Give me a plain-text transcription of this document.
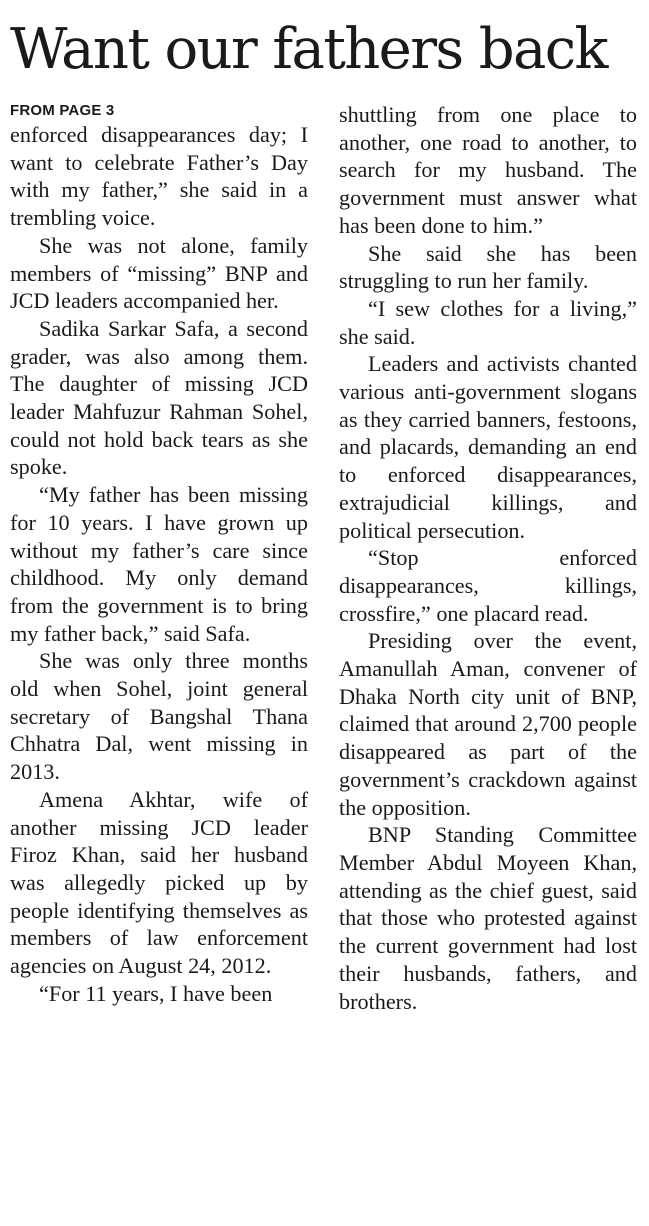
Want our fathers back
FROM PAGE 3

enforced disappearances day; I want to celebrate Father’s Day with my father,” she said in a trembling voice.

She was not alone, family members of “missing” BNP and JCD leaders accompanied her.

Sadika Sarkar Safa, a second grader, was also among them. The daughter of missing JCD leader Mahfuzur Rahman Sohel, could not hold back tears as she spoke.

“My father has been missing for 10 years. I have grown up without my father’s care since childhood. My only demand from the government is to bring my father back,” said Safa.

She was only three months old when Sohel, joint general secretary of Bangshal Thana Chhatra Dal, went missing in 2013.

Amena Akhtar, wife of another missing JCD leader Firoz Khan, said her husband was allegedly picked up by people identifying themselves as members of law enforcement agencies on August 24, 2012.

“For 11 years, I have been

shuttling from one place to another, one road to another, to search for my husband. The government must answer what has been done to him.”

She said she has been struggling to run her family.

“I sew clothes for a living,” she said.

Leaders and activists chanted various anti-government slogans as they carried banners, festoons, and placards, demanding an end to enforced disappearances, extrajudicial killings, and political persecution.

“Stop enforced disappearances, killings, crossfire,” one placard read.

Presiding over the event, Amanullah Aman, convener of Dhaka North city unit of BNP, claimed that around 2,700 people disappeared as part of the government’s crackdown against the opposition.

BNP Standing Committee Member Abdul Moyeen Khan, attending as the chief guest, said that those who protested against the current government had lost their husbands, fathers, and brothers.
